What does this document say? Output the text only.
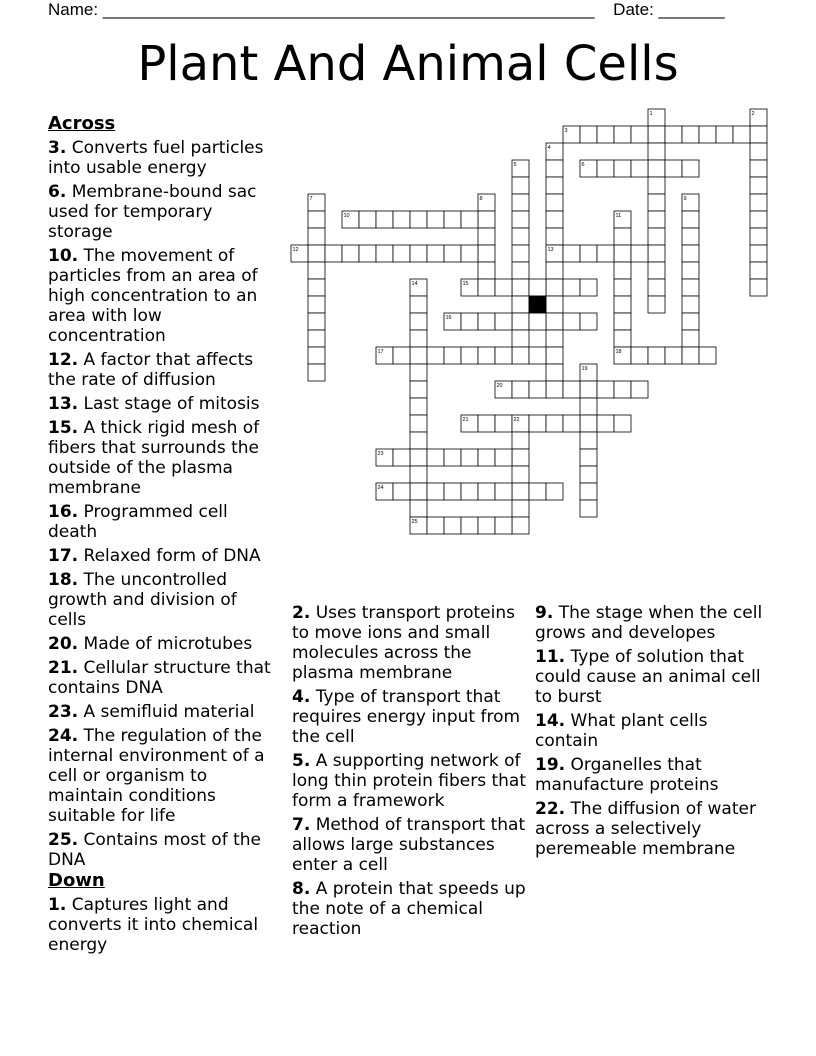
Name: ____________________________________________________ Date: _______
Plant And Animal Cells
1	2
3
4
5	6
7	8	9
10	11
12	13
14	15
16
17	18
19
20
21	22
23
24
25
Across
3. Converts fuel particles into usable energy
6. Membrane-bound sac used for temporary storage
10. The movement of particles from an area of high concentration to an area with low concentration
12. A factor that affects the rate of diffusion
13. Last stage of mitosis
15. A thick rigid mesh of fibers that surrounds the outside of the plasma membrane
16. Programmed cell death
17. Relaxed form of DNA
18. The uncontrolled growth and division of cells
20. Made of microtubes
21. Cellular structure that contains DNA
23. A semifluid material
24. The regulation of the internal environment of a cell or organism to maintain conditions suitable for life
25. Contains most of the DNA
Down
1. Captures light and converts it into chemical energy
2. Uses transport proteins to move ions and small molecules across the plasma membrane
4. Type of transport that requires energy input from the cell
5. A supporting network of long thin protein fibers that form a framework
7. Method of transport that allows large substances enter a cell
8. A protein that speeds up the note of a chemical reaction
9. The stage when the cell grows and developes
11. Type of solution that could cause an animal cell to burst
14. What plant cells contain
19. Organelles that manufacture proteins
22. The diffusion of water across a selectively peremeable membrane
